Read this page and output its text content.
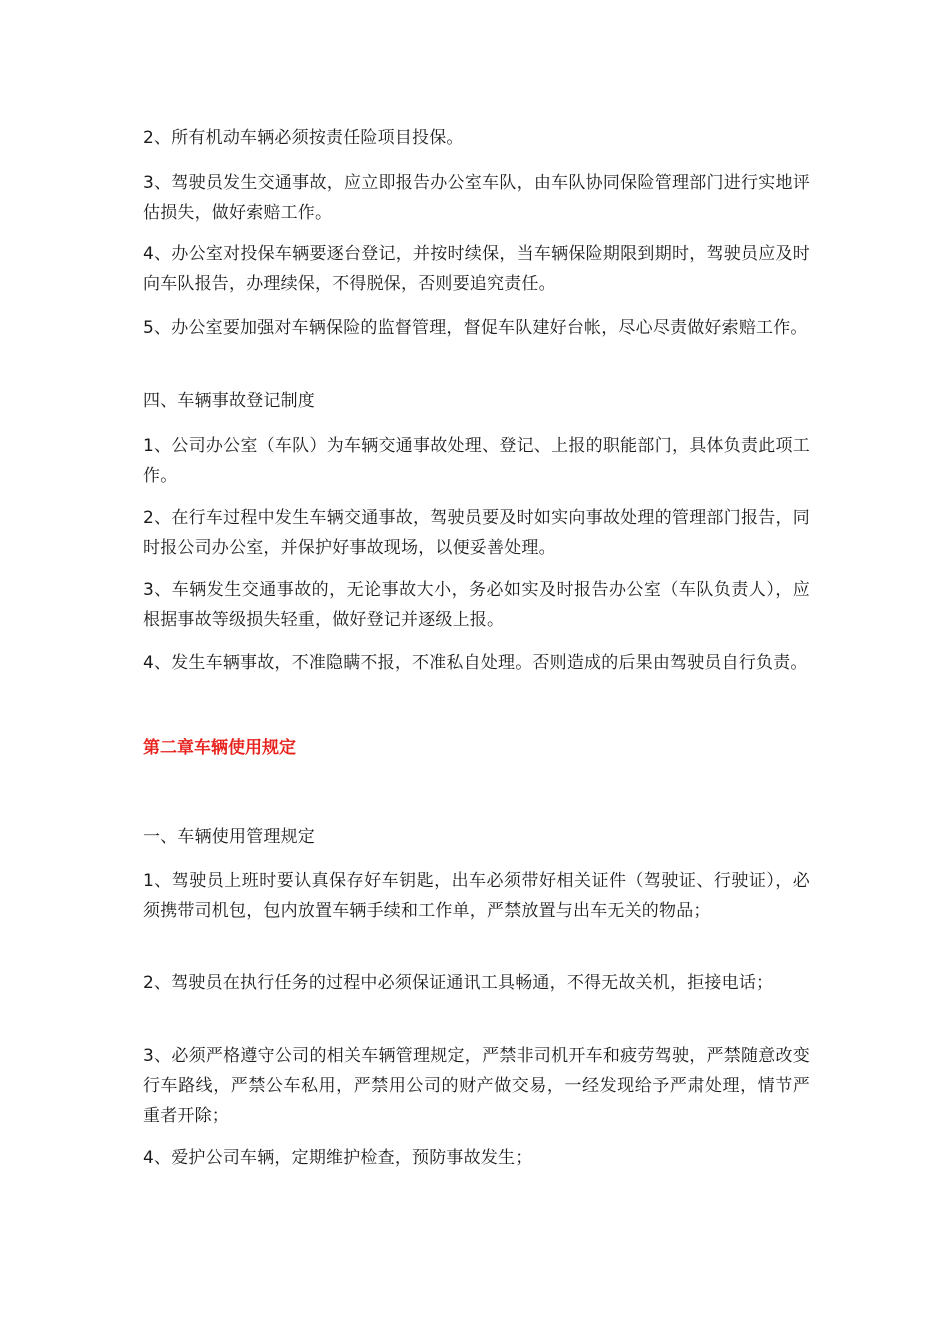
2、所有机动车辆必须按责任险项目投保。

3、驾驶员发生交通事故，应立即报告办公室车队，由车队协同保险管理部门进行实地评估损失，做好索赔工作。

4、办公室对投保车辆要逐台登记，并按时续保，当车辆保险期限到期时，驾驶员应及时向车队报告，办理续保，不得脱保，否则要追究责任。

5、办公室要加强对车辆保险的监督管理，督促车队建好台帐，尽心尽责做好索赔工作。

四、车辆事故登记制度

1、公司办公室（车队）为车辆交通事故处理、登记、上报的职能部门，具体负责此项工作。

2、在行车过程中发生车辆交通事故，驾驶员要及时如实向事故处理的管理部门报告，同时报公司办公室，并保护好事故现场，以便妥善处理。

3、车辆发生交通事故的，无论事故大小，务必如实及时报告办公室（车队负责人），应根据事故等级损失轻重，做好登记并逐级上报。

4、发生车辆事故，不准隐瞒不报，不准私自处理。否则造成的后果由驾驶员自行负责。

第二章车辆使用规定

一、车辆使用管理规定

1、驾驶员上班时要认真保存好车钥匙，出车必须带好相关证件（驾驶证、行驶证），必须携带司机包，包内放置车辆手续和工作单，严禁放置与出车无关的物品；

2、驾驶员在执行任务的过程中必须保证通讯工具畅通，不得无故关机，拒接电话；

3、必须严格遵守公司的相关车辆管理规定，严禁非司机开车和疲劳驾驶，严禁随意改变行车路线，严禁公车私用，严禁用公司的财产做交易，一经发现给予严肃处理，情节严重者开除；

4、爱护公司车辆，定期维护检查，预防事故发生；
